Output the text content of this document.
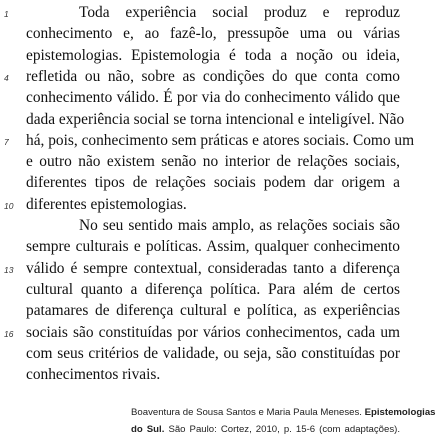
Toda experiência social produz e reproduz
conhecimento e, ao fazê-lo, pressupõe uma ou várias
epistemologias. Epistemologia é toda a noção ou ideia,
refletida ou não, sobre as condições do que conta como
conhecimento válido. É por via do conhecimento válido que
dada experiência social se torna intencional e inteligível. Não
há, pois, conhecimento sem práticas e atores sociais. Como um
e outro não existem senão no interior de relações sociais,
diferentes tipos de relações sociais podem dar origem a
diferentes epistemologias.
No seu sentido mais amplo, as relações sociais são
sempre culturais e políticas. Assim, qualquer conhecimento
válido é sempre contextual, consideradas tanto a diferença
cultural quanto a diferença política. Para além de certos
patamares de diferença cultural e política, as experiências
sociais são constituídas por vários conhecimentos, cada um
com seus critérios de validade, ou seja, são constituídas por
conhecimentos rivais.
1
4
7
10
13
16
Boaventura de Sousa Santos e Maria Paula Meneses. Epistemologias
do Sul. São Paulo: Cortez, 2010, p. 15-6 (com adaptações).
